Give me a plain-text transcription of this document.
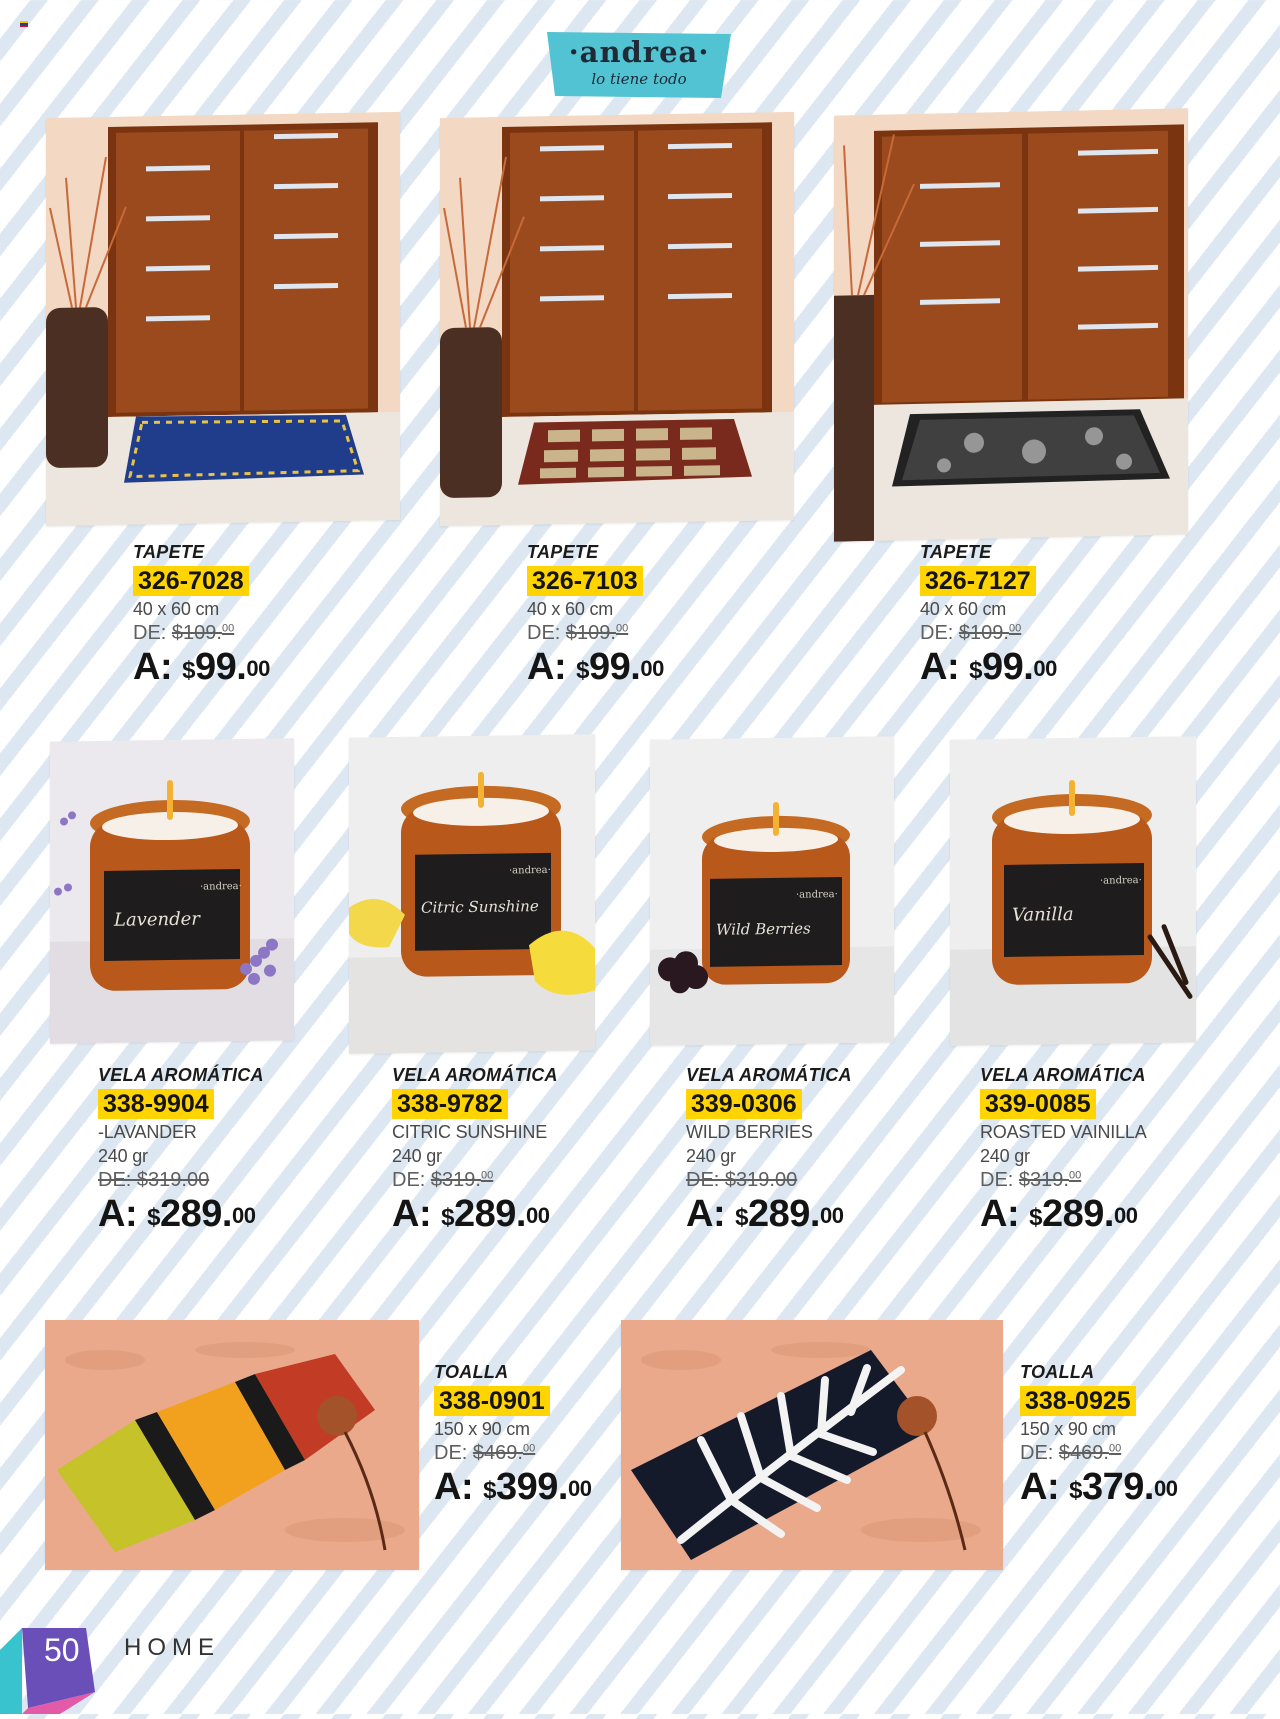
·andrea·
lo tiene todo
TAPETE
326-7028
40 x 60 cm
DE: $109.00
A: $99.00
TAPETE
326-7103
40 x 60 cm
DE: $109.00
A: $99.00
TAPETE
326-7127
40 x 60 cm
DE: $109.00
A: $99.00
Lavender
·andrea·
Citric Sunshine
·andrea·
Wild Berries
·andrea·
Vanilla
·andrea·
VELA AROMÁTICA
338-9904
-LAVANDER
240 gr
DE: $319.00
A: $289.00
VELA AROMÁTICA
338-9782
CITRIC SUNSHINE
240 gr
DE: $319.00
A: $289.00
VELA AROMÁTICA
339-0306
WILD BERRIES
240 gr
DE: $319.00
A: $289.00
VELA AROMÁTICA
339-0085
ROASTED VAINILLA
240 gr
DE: $319.00
A: $289.00
TOALLA
338-0901
150 x 90 cm
DE: $469.00
A: $399.00
TOALLA
338-0925
150 x 90 cm
DE: $469.00
A: $379.00
50 HOME
